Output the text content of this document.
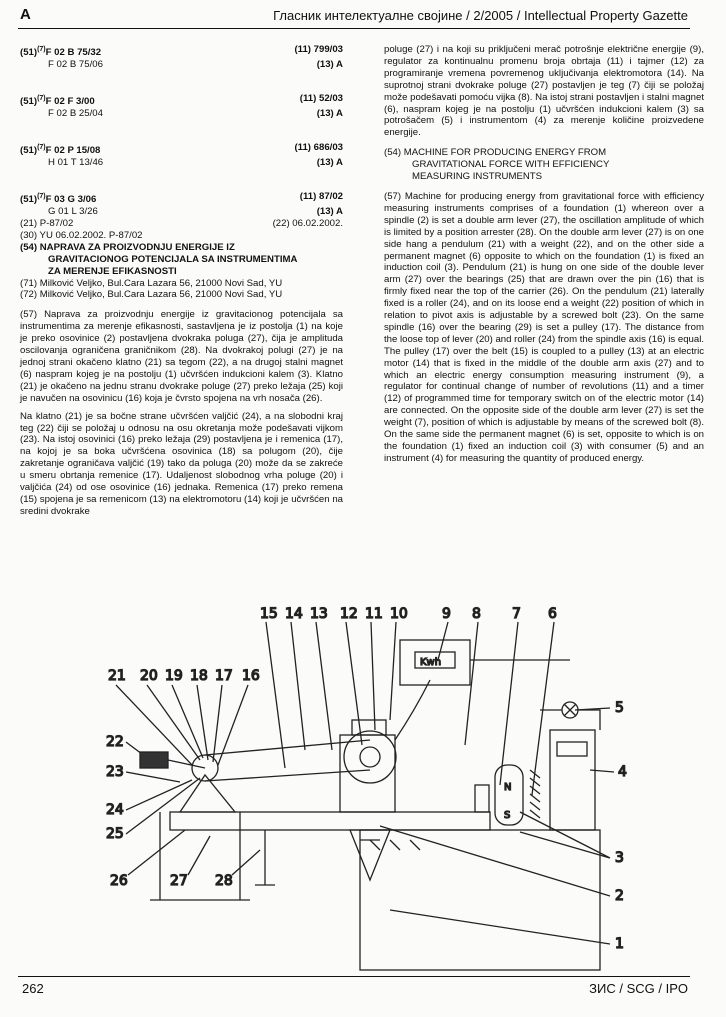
A	Гласник интелектуалне својине / 2/2005 / Intellectual Property Gazette
$(51)^{(7)}F$ 02 B 75/32	(11) 799/03
F 02 B 75/06	(13) A
$(51)^{(7)}F$ 02 F 3/00	(11) 52/03
F 02 B 25/04	(13) A
$(51)^{(7)}F$ 02 P 15/08	(11) 686/03
H 01 T 13/46	(13) A
$(51)^{(7)}F$ 03 G 3/06	(11) 87/02
G 01 L 3/26	(13) A
(21) P-87/02	(22) 06.02.2002.
(30) YU 06.02.2002. P-87/02
(54) NAPRAVA ZA PROIZVODNJU ENERGIJE IZ
GRAVITACIONOG POTENCIJALA SA INSTRUMENTIMA
ZA MERENJE EFIKASNOSTI
(71) Milković Veljko, Bul.Cara Lazara 56, 21000 Novi Sad, YU
(72) Milković Veljko, Bul.Cara Lazara 56, 21000 Novi Sad, YU

(57) Naprava za proizvodnju energije iz gravitacionog potencijala sa instrumentima za merenje efikasnosti, sastavljena je iz postolja (1) na koje je preko osovinice (2) postavljena dvokraka poluga (27), čija je amplituda oscilovanja ograničena graničnikom (28). Na dvokrakoj polugi (27) je na jednoj strani okačeno klatno (21) sa tegom (22), a na drugoj stalni magnet (6) naspram kojeg je na postolju (1) učvršćen indukcioni kalem (3). Klatno (21) je okačeno na jednu stranu dvokrake poluge (27) preko ležaja (25) koji je navučen na osovinicu (16) koja je čvrsto spojena na vrh nosača (26).

Na klatno (21) je sa bočne strane učvršćen valjčić (24), a na slobodni kraj teg (22) čiji se položaj u odnosu na osu okretanja može podešavati vijkom (23). Na istoj osovinici (16) preko ležaja (29) postavljena je i remenica (17), na kojoj je sa boka učvršćena osovinica (18) sa polugom (20), čije zakretanje ograničava valjčić (19) tako da poluga (20) može da se zakreće u smeru obrtanja remenice (17). Udaljenost slobodnog vrha poluge (20) i valjčića (24) od ose osovinice (16) jednaka. Remenica (17) preko remena (15) spojena je sa remenicom (13) na elektromotoru (14) koji je učvršćen na sredini dvokrake

poluge (27) i na koji su priključeni merač potrošnje električne energije (9), regulator za kontinualnu promenu broja obrtaja (11) i tajmer (12) za programiranje vremena povremenog uključivanja elektromotora (14). Na suprotnoj strani dvokrake poluge (27) postavljen je teg (7) čiji se položaj može podešavati pomoću vijka (8). Na istoj strani postavljen i stalni magnet (6), naspram kojeg je na postolju (1) učvršćen indukcioni kalem (3) sa potrošačem (5) i instrumentom (4) za merenje količine proizvedene energije.

(54) MACHINE FOR PRODUCING ENERGY FROM
GRAVITATIONAL FORCE WITH EFFICIENCY
MEASURING INSTRUMENTS

(57) Machine for producing energy from gravitational force with efficiency measuring instruments comprises of a foundation (1) whereon over a spindle (2) is set a double arm lever (27), the oscillation amplitude of which is limited by a position arrester (28). On the double arm lever (27) is on one side hang a pendulum (21) with a weight (22), and on the other side a permanent magnet (6) opposite to which on the foundation (1) is fixed an induction coil (3). Pendulum (21) is hung on one side of the double lever arm (27) over the bearings (25) that are drawn over the pin (16) that is firmly fixed near the top of the carrier (26). On the pendulum (21) laterally fixed is a roller (24), and on its loose end a weight (22) position of which in relation to pivot axis is adjustable by a screwed bolt (23). On the same spindle (16) over the bearing (29) is set a pulley (17). The distance from the loose top of lever (20) and roller (24) from the spindle axis (16) is equal. The pulley (17) over the belt (15) is coupled to a pulley (13) at an electric motor (14) that is fixed in the middle of the double arm axis (27) and to which an electric energy consumption measuring instrument (9), a regulator for continual change of number of revolutions (11) and a timer (12) of programmed time for temporary switch on of the electric motor (14) are connected. On the opposite side of the double arm lever (27) is set the weight (7), position of which is adjustable by means of the screwed bolt (8). On the same side the permanent magnet (6) is set, opposite to which is on the foundation (1) fixed an induction coil (3) with consumer (5) and an instrument (4) for measuring the quantity of produced energy.

15 14 13 12 11 10 9 8 7 6
21 20 19 18 17 16
22
23
24
25
26	27 28
5
4
3
2
1
Kwh
N
S
262	ЗИС / SCG / IPO
